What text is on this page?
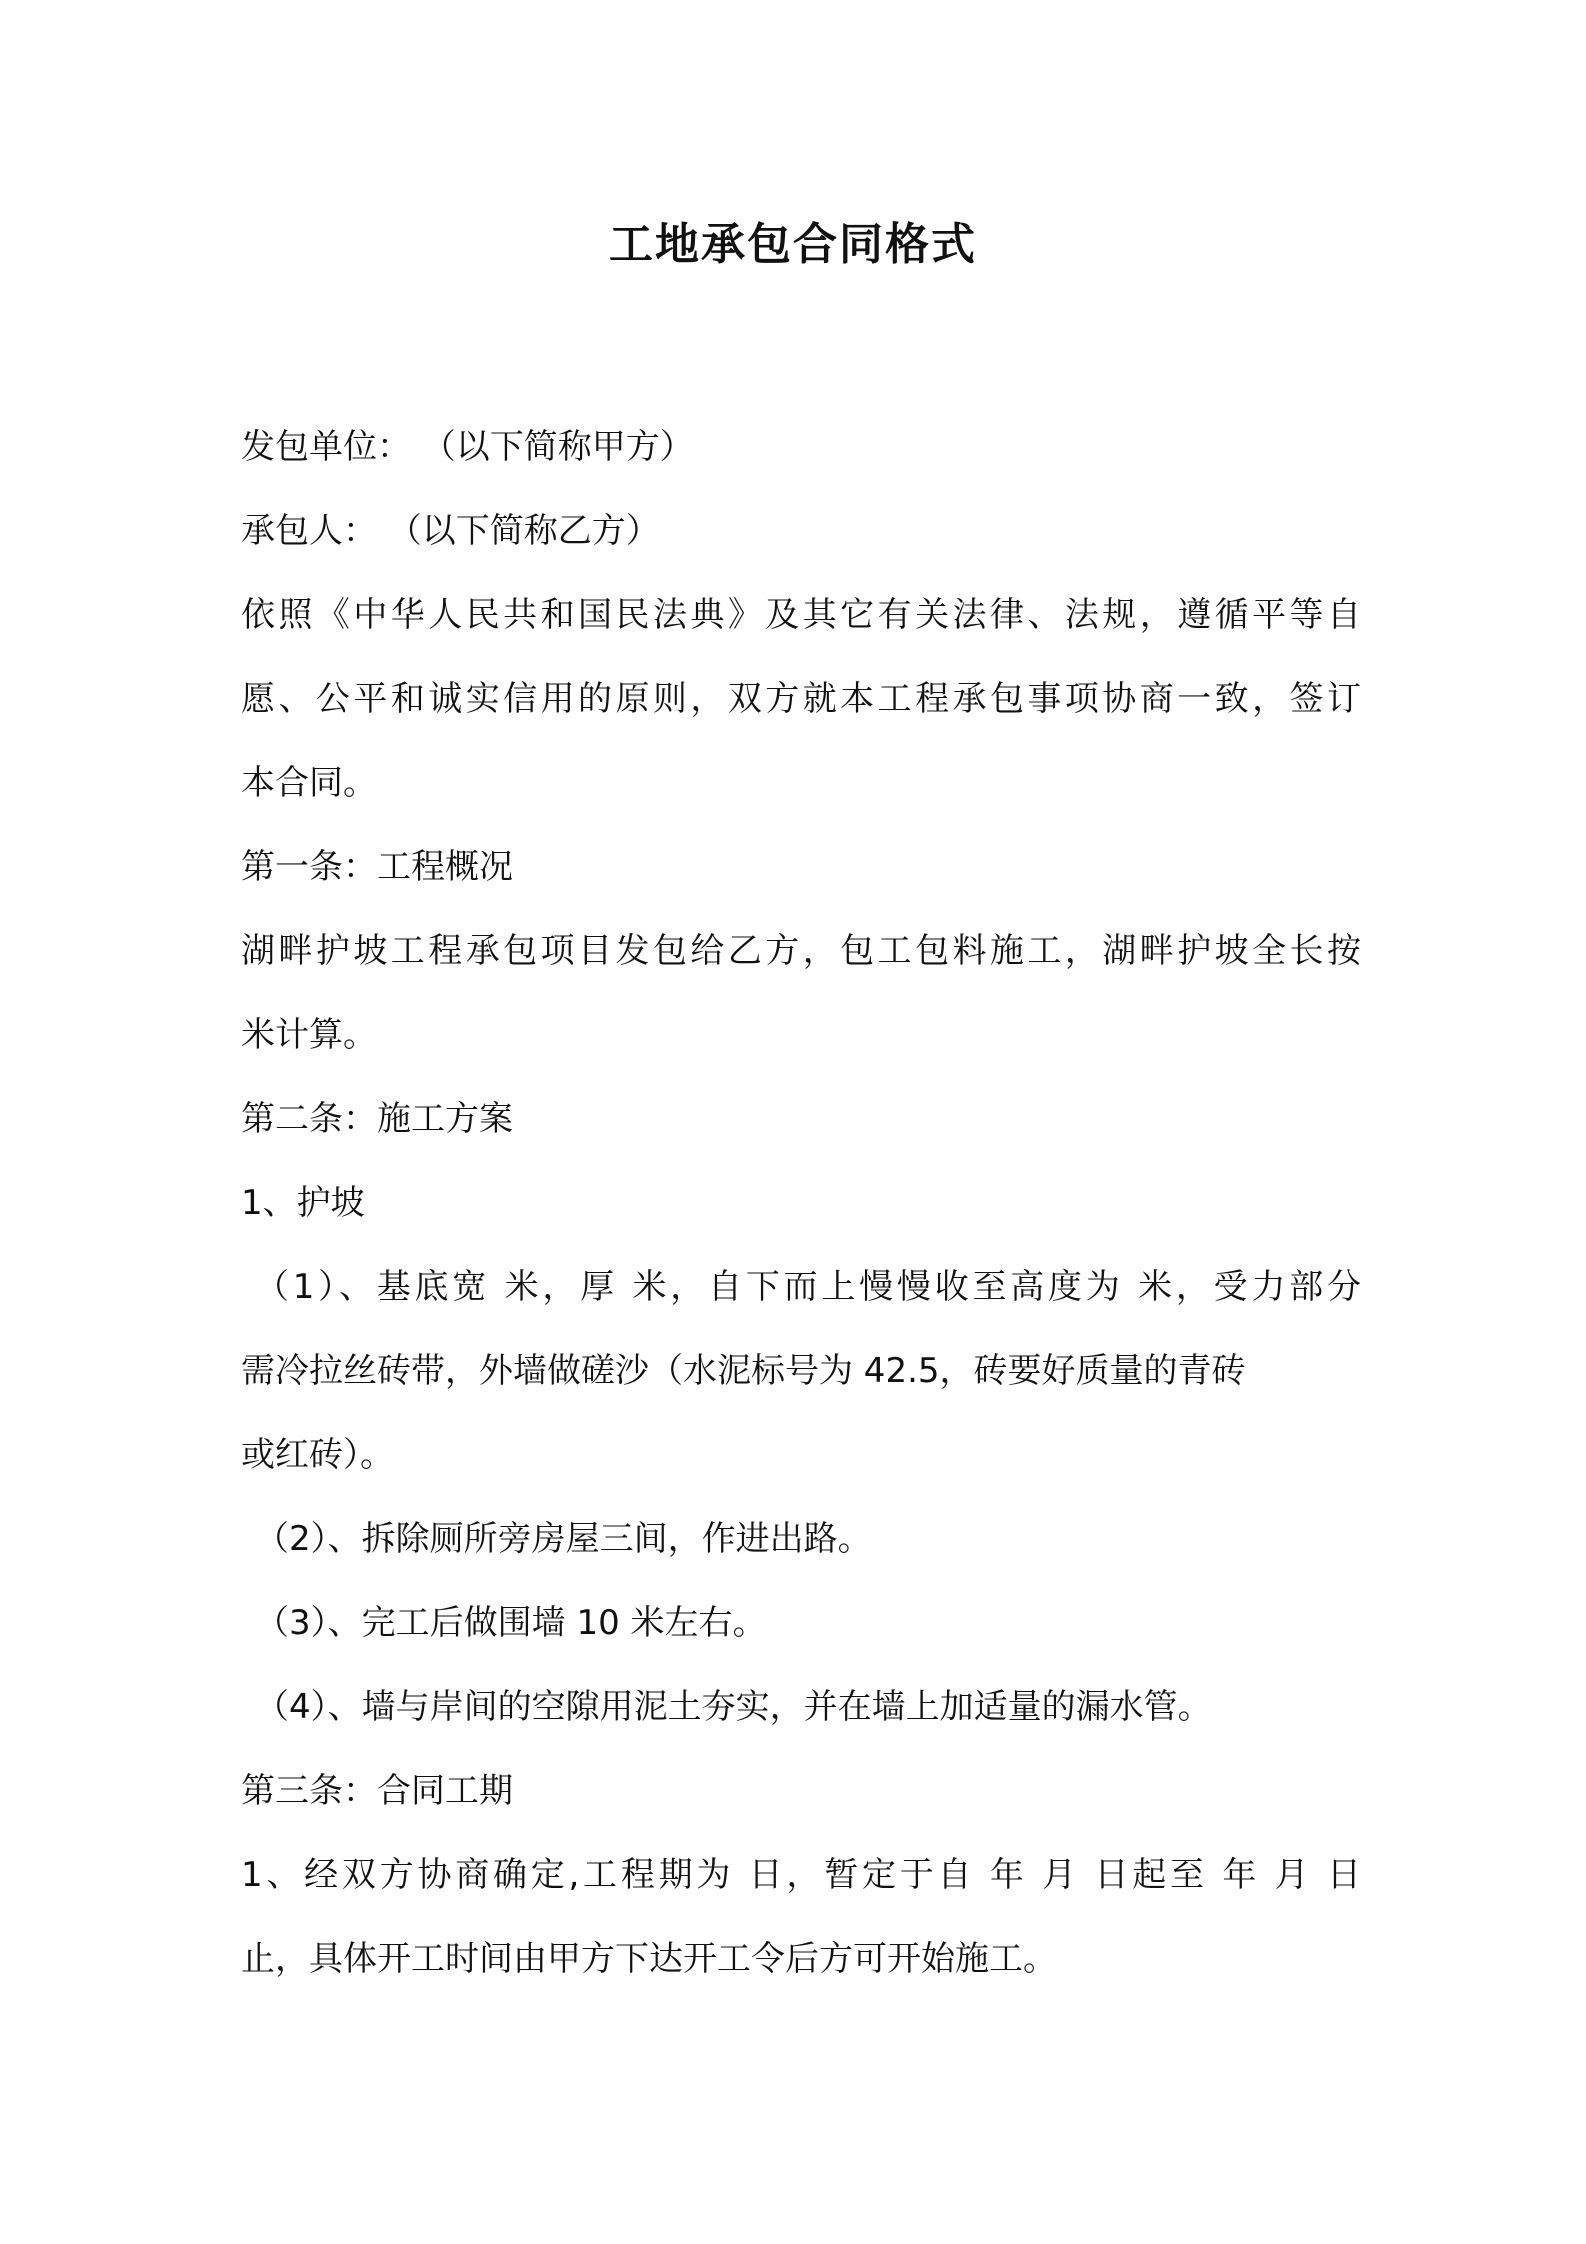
工地承包合同格式
发包单位： （以下简称甲方）
承包人： （以下简称乙方）
依照《中华人民共和国民法典》及其它有关法律、法规，遵循平等自
愿、公平和诚实信用的原则，双方就本工程承包事项协商一致，签订
本合同。
第一条：工程概况
湖畔护坡工程承包项目发包给乙方，包工包料施工，湖畔护坡全长按
米计算。
第二条：施工方案
1、护坡
（1）、基底宽 米，厚 米，自下而上慢慢收至高度为 米，受力部分
需冷拉丝砖带，外墙做磋沙（水泥标号为 42.5，砖要好质量的青砖
或红砖）。
（2）、拆除厕所旁房屋三间，作进出路。
（3）、完工后做围墙 10 米左右。
（4）、墙与岸间的空隙用泥土夯实，并在墙上加适量的漏水管。
第三条：合同工期
1、经双方协商确定,工程期为 日，暂定于自 年 月 日起至 年 月 日
止，具体开工时间由甲方下达开工令后方可开始施工。
